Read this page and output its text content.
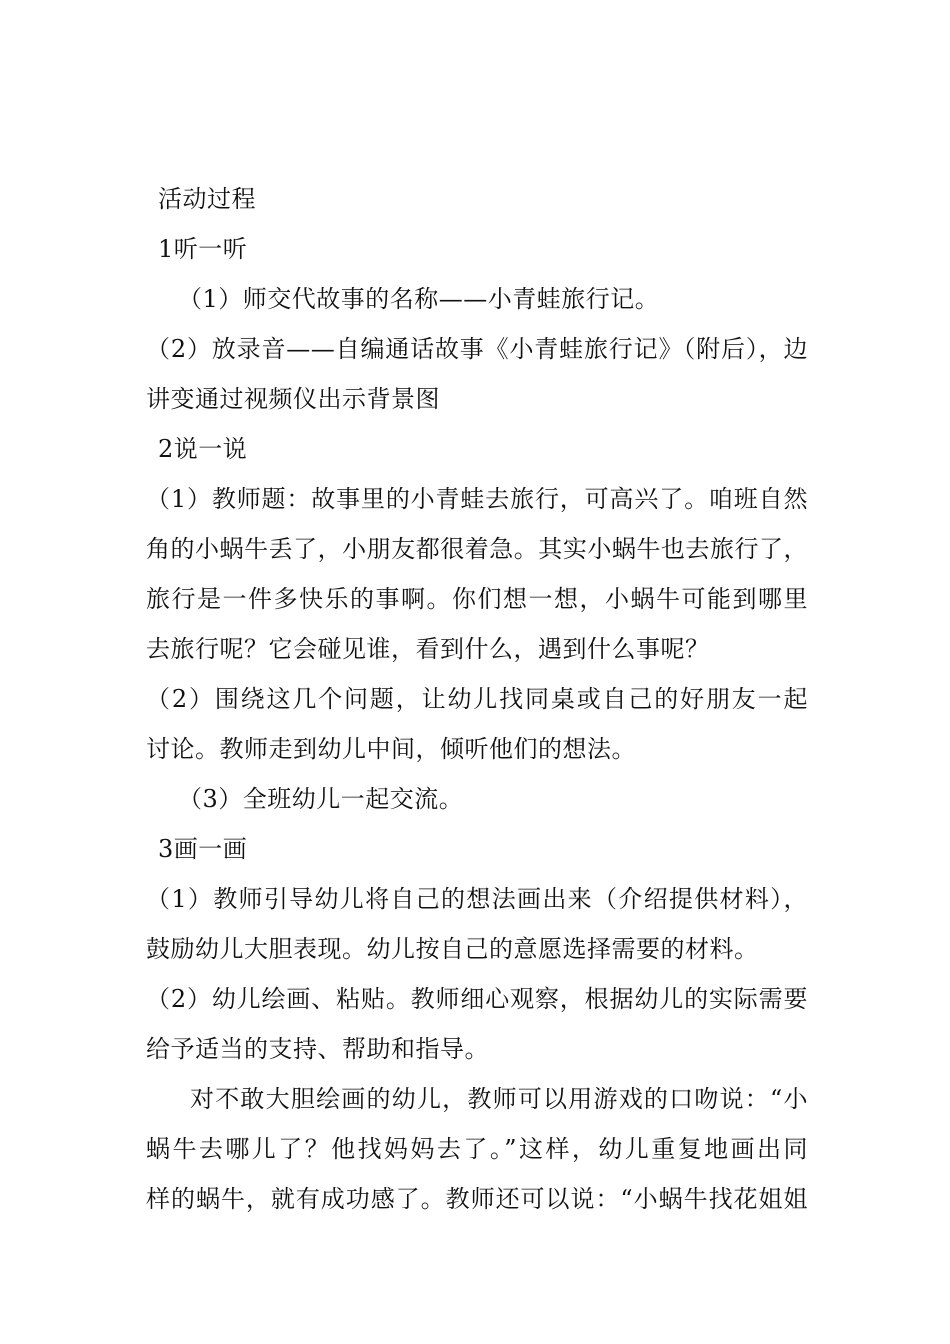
活动过程
1听一听
（1）师交代故事的名称——小青蛙旅行记。
（2）放录音——自编通话故事《小青蛙旅行记》（附后），边
讲变通过视频仪出示背景图
2说一说
（1）教师题：故事里的小青蛙去旅行，可高兴了。咱班自然
角的小蜗牛丢了，小朋友都很着急。其实小蜗牛也去旅行了，
旅行是一件多快乐的事啊。你们想一想，小蜗牛可能到哪里
去旅行呢？它会碰见谁，看到什么，遇到什么事呢？
（2）围绕这几个问题，让幼儿找同桌或自己的好朋友一起
讨论。教师走到幼儿中间，倾听他们的想法。
（3）全班幼儿一起交流。
3画一画
（1）教师引导幼儿将自己的想法画出来（介绍提供材料），
鼓励幼儿大胆表现。幼儿按自己的意愿选择需要的材料。
（2）幼儿绘画、粘贴。教师细心观察，根据幼儿的实际需要
给予适当的支持、帮助和指导。
对不敢大胆绘画的幼儿，教师可以用游戏的口吻说：“小
蜗牛去哪儿了？他找妈妈去了。”这样，幼儿重复地画出同
样的蜗牛，就有成功感了。教师还可以说：“小蜗牛找花姐姐
